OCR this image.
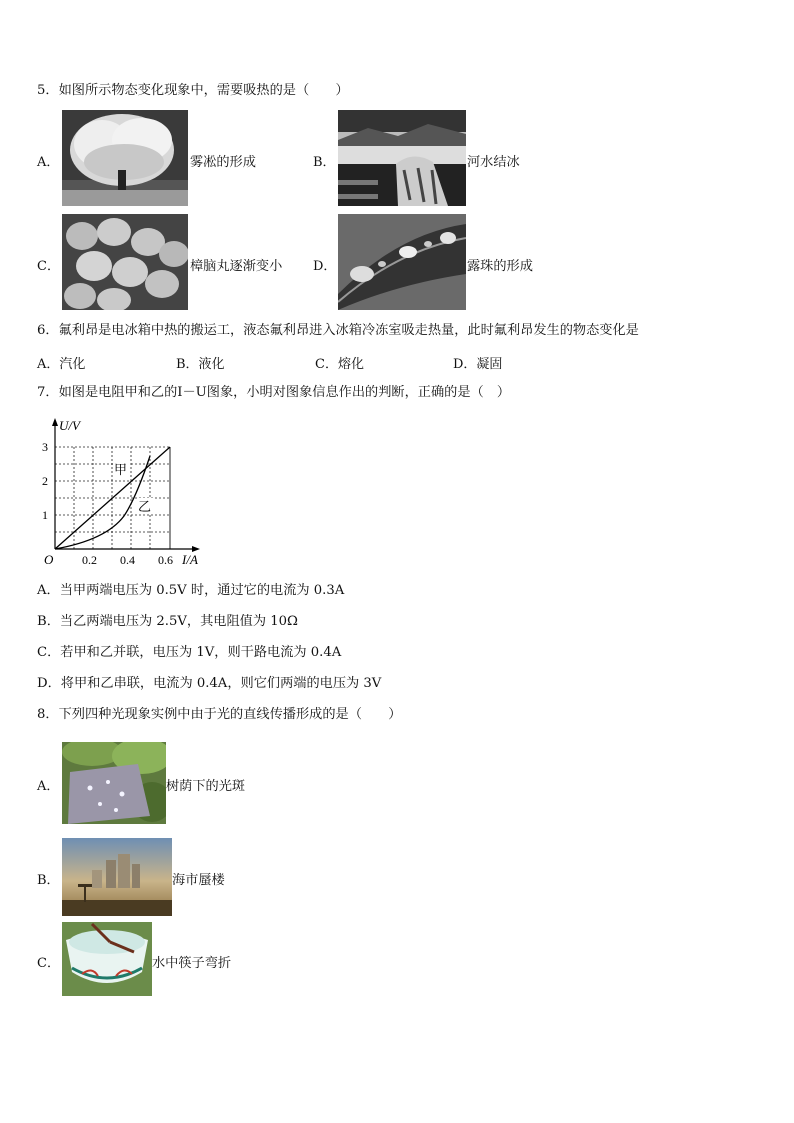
5．如图所示物态变化现象中，需要吸热的是（　　）
A．	雾凇的形成	B．	河水结冰
C．	樟脑丸逐渐变小 D．	露珠的形成
6．氟利昂是电冰箱中热的搬运工，液态氟利昂进入冰箱冷冻室吸走热量，此时氟利昂发生的物态变化是
A．汽化	B．液化	C．熔化	D．凝固
7．如图是电阻甲和乙的I－U图象，小明对图象信息作出的判断，正确的是（　）
U/V
I/A
O 0.2 0.4 0.6
1
2
3
甲
乙
A．当甲两端电压为 0.5V 时，通过它的电流为 0.3A
B．当乙两端电压为 2.5V，其电阻值为 10Ω
C．若甲和乙并联，电压为 1V，则干路电流为 0.4A
D．将甲和乙串联，电流为 0.4A，则它们两端的电压为 3V
8．下列四种光现象实例中由于光的直线传播形成的是（　　）
A．	树荫下的光斑
B．	海市蜃楼
C．	水中筷子弯折
